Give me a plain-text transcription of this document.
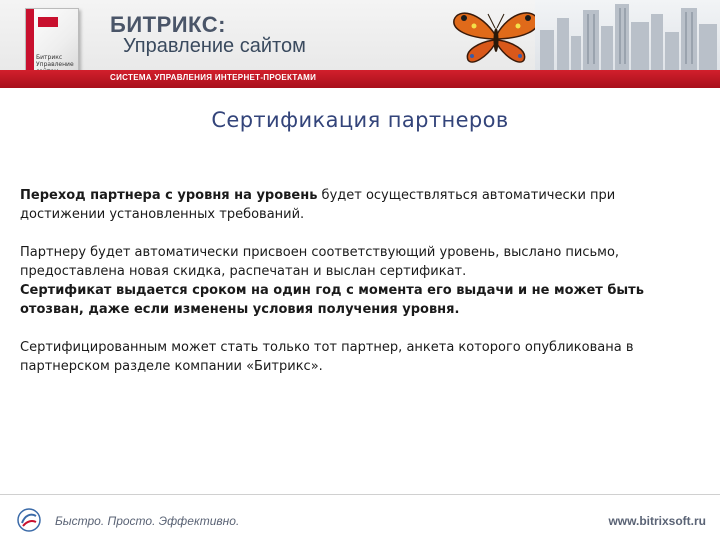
Битрикс Управление
БИТРИКС:
Управление сайтом
СИСТЕМА УПРАВЛЕНИЯ ИНТЕРНЕТ-ПРОЕКТАМИ
Сертификация партнеров

Переход партнера с уровня на уровень будет осуществляться автоматически при достижении установленных требований.

Партнеру будет автоматически присвоен соответствующий уровень, выслано письмо, предоставлена новая скидка, распечатан и выслан сертификат.
Сертификат выдается сроком на один год с момента его выдачи и не может быть отозван, даже если изменены условия получения уровня.

Сертифицированным может стать только тот партнер, анкета которого опубликована в партнерском разделе компании «Битрикс».

Быстро. Просто. Эффективно.	www.bitrixsoft.ru
